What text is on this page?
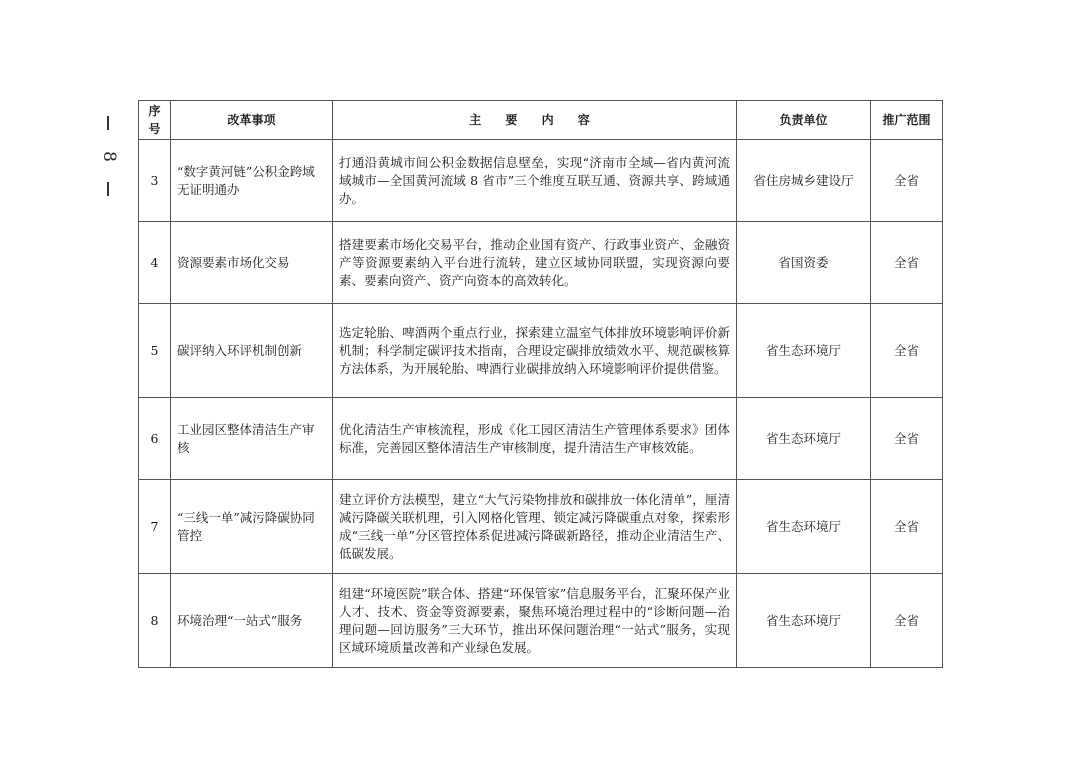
8
序号	改革事项	主 要 内 容	负责单位	推广范围
3	“数字黄河链”公积金跨域无证明通办	打通沿黄城市间公积金数据信息壁垒，实现“济南市全域—省内黄河流域城市—全国黄河流域 8 省市”三个维度互联互通、资源共享、跨域通办。	省住房城乡建设厅	全省
4	资源要素市场化交易	搭建要素市场化交易平台，推动企业国有资产、行政事业资产、金融资产等资源要素纳入平台进行流转，建立区域协同联盟，实现资源向要素、要素向资产、资产向资本的高效转化。	省国资委	全省
5	碳评纳入环评机制创新	选定轮胎、啤酒两个重点行业，探索建立温室气体排放环境影响评价新机制；科学制定碳评技术指南，合理设定碳排放绩效水平、规范碳核算方法体系，为开展轮胎、啤酒行业碳排放纳入环境影响评价提供借鉴。	省生态环境厅	全省
6	工业园区整体清洁生产审核	优化清洁生产审核流程，形成《化工园区清洁生产管理体系要求》团体标准，完善园区整体清洁生产审核制度，提升清洁生产审核效能。	省生态环境厅	全省
7	“三线一单”减污降碳协同管控	建立评价方法模型，建立“大气污染物排放和碳排放一体化清单”，厘清减污降碳关联机理，引入网格化管理、锁定减污降碳重点对象，探索形成“三线一单”分区管控体系促进减污降碳新路径，推动企业清洁生产、低碳发展。	省生态环境厅	全省
8	环境治理“一站式”服务	组建“环境医院”联合体、搭建“环保管家”信息服务平台，汇聚环保产业人才、技术、资金等资源要素，聚焦环境治理过程中的“诊断问题—治理问题—回访服务”三大环节，推出环保问题治理“一站式”服务，实现区域环境质量改善和产业绿色发展。	省生态环境厅	全省
